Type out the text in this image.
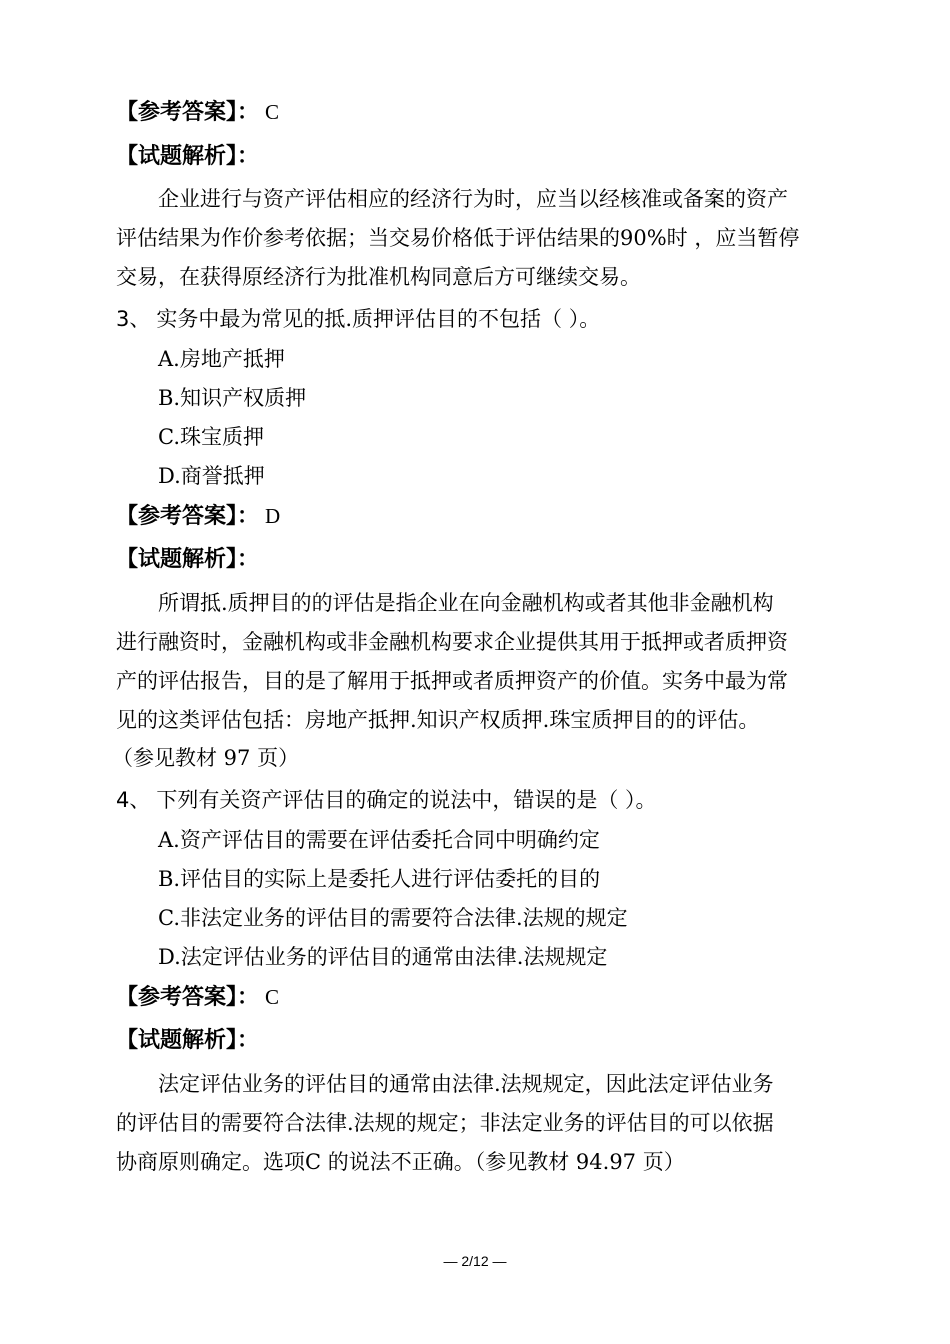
【参考答案】： C
【试题解析】：
企业进行与资产评估相应的经济行为时，应当以经核准或备案的资产
评估结果为作价参考依据；当交易价格低于评估结果的90%时 ，应当暂停
交易，在获得原经济行为批准机构同意后方可继续交易。
3、 实务中最为常见的抵.质押评估目的不包括（ ）。
A.房地产抵押
B.知识产权质押
C.珠宝质押
D.商誉抵押
【参考答案】： D
【试题解析】：
所谓抵.质押目的的评估是指企业在向金融机构或者其他非金融机构
进行融资时，金融机构或非金融机构要求企业提供其用于抵押或者质押资
产的评估报告，目的是了解用于抵押或者质押资产的价值。实务中最为常
见的这类评估包括：房地产抵押.知识产权质押.珠宝质押目的的评估。
（参见教材 97 页）
4、 下列有关资产评估目的确定的说法中，错误的是（ ）。
A.资产评估目的需要在评估委托合同中明确约定
B.评估目的实际上是委托人进行评估委托的目的
C.非法定业务的评估目的需要符合法律.法规的规定
D.法定评估业务的评估目的通常由法律.法规规定
【参考答案】： C
【试题解析】：
法定评估业务的评估目的通常由法律.法规规定，因此法定评估业务
的评估目的需要符合法律.法规的规定；非法定业务的评估目的可以依据
协商原则确定。选项C 的说法不正确。（参见教材 94.97 页）
— 2/12 —
